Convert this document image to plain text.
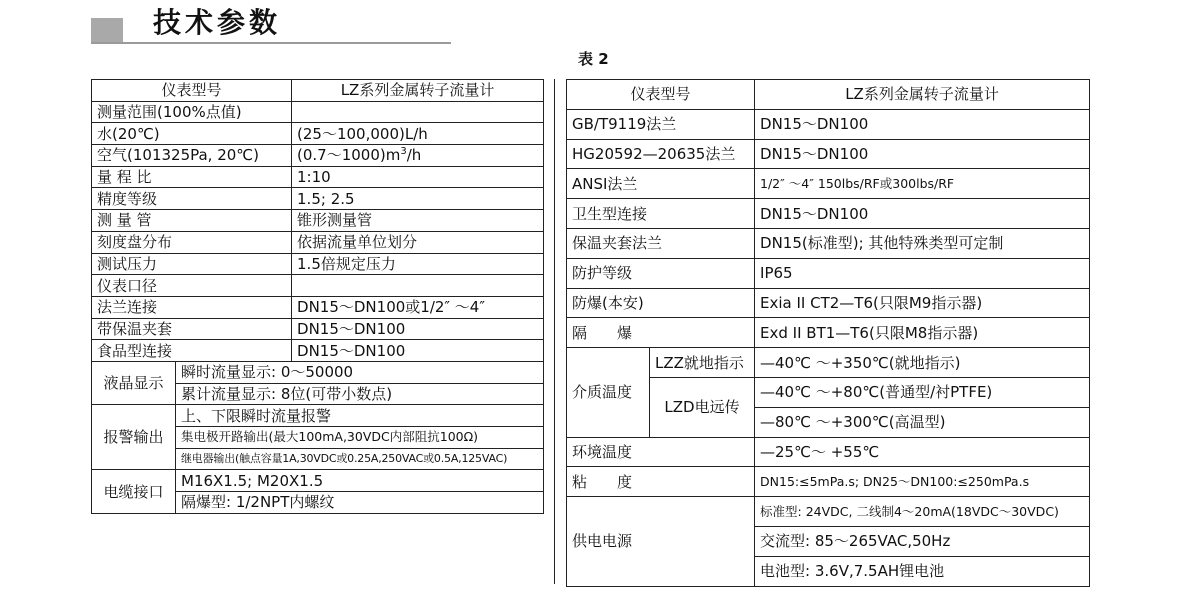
技术参数
表 2
仪表型号		LZ系列金属转子流量计
测量范围(100%点值)		
水(20℃)		(25～100,000)L/h
空气(101325Pa, 20℃)		$(0.7\sim 1000)m^3/h$
量 程 比		1:10
精度等级		1.5; 2.5
测 量 管		锥形测量管
刻度盘分布		依据流量单位划分
测试压力		1.5倍规定压力
仪表口径		
法兰连接		DN15～DN100或1/2″ ～4″
带保温夹套		DN15～DN100
食品型连接		DN15～DN100
液晶显示	瞬时流量显示: 0～50000	
	累计流量显示: 8位(可带小数点)	
报警输出	上、下限瞬时流量报警	
	集电极开路输出(最大100mA,30VDC内部阻抗100Ω)	
	继电器输出(触点容量1A,30VDC或0.25A,250VAC或0.5A,125VAC)	
电缆接口	M16X1.5; M20X1.5	
	隔爆型: 1/2NPT内螺纹	
仪表型号		LZ系列金属转子流量计
GB/T9119法兰		DN15～DN100
HG20592—20635法兰		DN15～DN100
ANSI法兰		1/2″ ～4″ 150lbs/RF或300lbs/RF
卫生型连接		DN15～DN100
保温夹套法兰		DN15(标准型); 其他特殊类型可定制
防护等级		IP65
防爆(本安)		Exia II CT2—T6(只限M9指示器)
隔　　爆		Exd II BT1—T6(只限M8指示器)
介质温度	LZZ就地指示	—40℃ ～+350℃(就地指示)
	LZD电远传	—40℃ ～+80℃(普通型/衬PTFE)
		—80℃ ～+300℃(高温型)
环境温度		—25℃～ +55℃
粘　　度		DN15:≤5mPa.s; DN25～DN100:≤250mPa.s
供电电源		标准型: 24VDC, 二线制4～20mA(18VDC～30VDC)
		交流型: 85～265VAC,50Hz
		电池型: 3.6V,7.5AH锂电池
